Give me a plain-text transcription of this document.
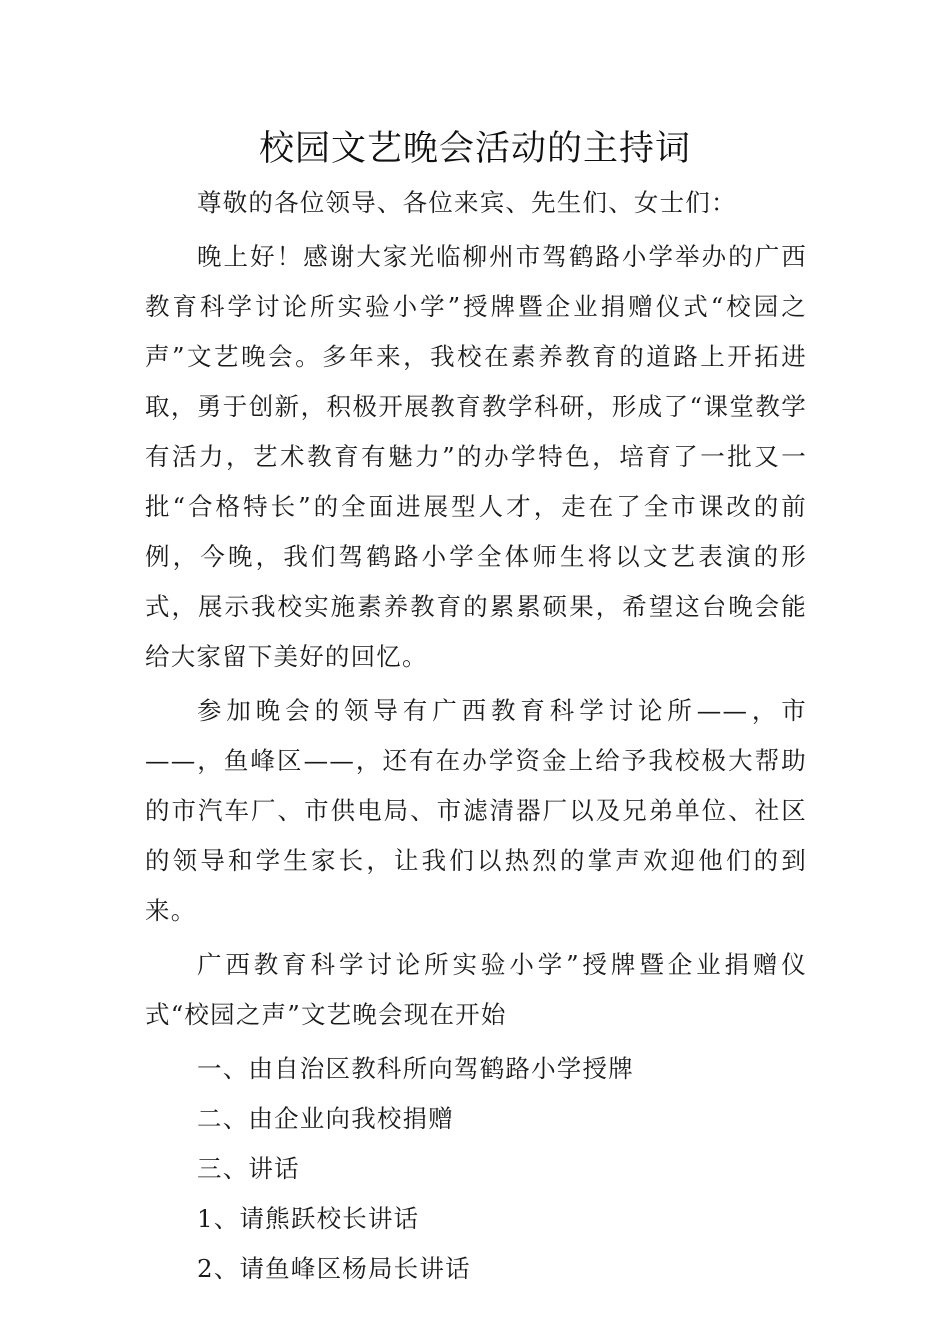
校园文艺晚会活动的主持词

尊敬的各位领导、各位来宾、先生们、女士们：

晚上好！感谢大家光临柳州市驾鹤路小学举办的广西教育科学讨论所实验小学”授牌暨企业捐赠仪式“校园之声”文艺晚会。多年来，我校在素养教育的道路上开拓进取，勇于创新，积极开展教育教学科研，形成了“课堂教学有活力，艺术教育有魅力”的办学特色，培育了一批又一批“合格特长”的全面进展型人才，走在了全市课改的前例，今晚，我们驾鹤路小学全体师生将以文艺表演的形式，展示我校实施素养教育的累累硕果，希望这台晚会能给大家留下美好的回忆。

参加晚会的领导有广西教育科学讨论所——，市——，鱼峰区——，还有在办学资金上给予我校极大帮助的市汽车厂、市供电局、市滤清器厂以及兄弟单位、社区的领导和学生家长，让我们以热烈的掌声欢迎他们的到来。

广西教育科学讨论所实验小学”授牌暨企业捐赠仪式“校园之声”文艺晚会现在开始

一、由自治区教科所向驾鹤路小学授牌

二、由企业向我校捐赠

三、讲话

1、请熊跃校长讲话

2、请鱼峰区杨局长讲话
